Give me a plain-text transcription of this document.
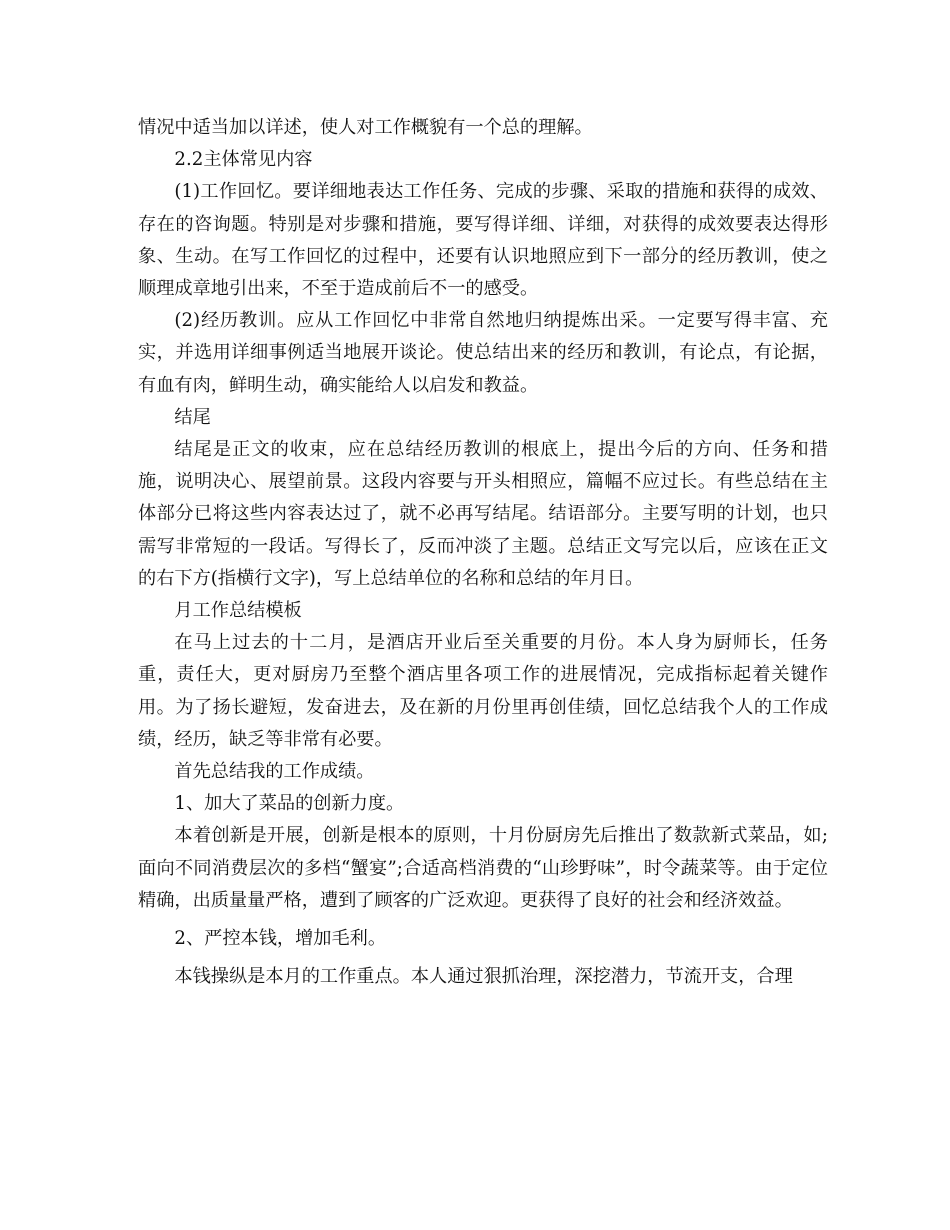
情况中适当加以详述，使人对工作概貌有一个总的理解。

2.2主体常见内容

(1)工作回忆。要详细地表达工作任务、完成的步骤、采取的措施和获得的成效、存在的咨询题。特别是对步骤和措施，要写得详细、详细，对获得的成效要表达得形象、生动。在写工作回忆的过程中，还要有认识地照应到下一部分的经历教训，使之顺理成章地引出来，不至于造成前后不一的感受。

(2)经历教训。应从工作回忆中非常自然地归纳提炼出采。一定要写得丰富、充实，并选用详细事例适当地展开谈论。使总结出来的经历和教训，有论点，有论据，有血有肉，鲜明生动，确实能给人以启发和教益。

结尾

结尾是正文的收束，应在总结经历教训的根底上，提出今后的方向、任务和措施，说明决心、展望前景。这段内容要与开头相照应，篇幅不应过长。有些总结在主体部分已将这些内容表达过了，就不必再写结尾。结语部分。主要写明的计划，也只需写非常短的一段话。写得长了，反而冲淡了主题。总结正文写完以后，应该在正文的右下方(指横行文字)，写上总结单位的名称和总结的年月日。

月工作总结模板

在马上过去的十二月，是酒店开业后至关重要的月份。本人身为厨师长，任务重，责任大，更对厨房乃至整个酒店里各项工作的进展情况，完成指标起着关键作用。为了扬长避短，发奋进去，及在新的月份里再创佳绩，回忆总结我个人的工作成绩，经历，缺乏等非常有必要。

首先总结我的工作成绩。

1、加大了菜品的创新力度。

本着创新是开展，创新是根本的原则，十月份厨房先后推出了数款新式菜品，如;面向不同消费层次的多档“蟹宴”;合适高档消费的“山珍野味”，时令蔬菜等。由于定位精确，出质量量严格，遭到了顾客的广泛欢迎。更获得了良好的社会和经济效益。

2、严控本钱，增加毛利。

本钱操纵是本月的工作重点。本人通过狠抓治理，深挖潜力，节流开支，合理
